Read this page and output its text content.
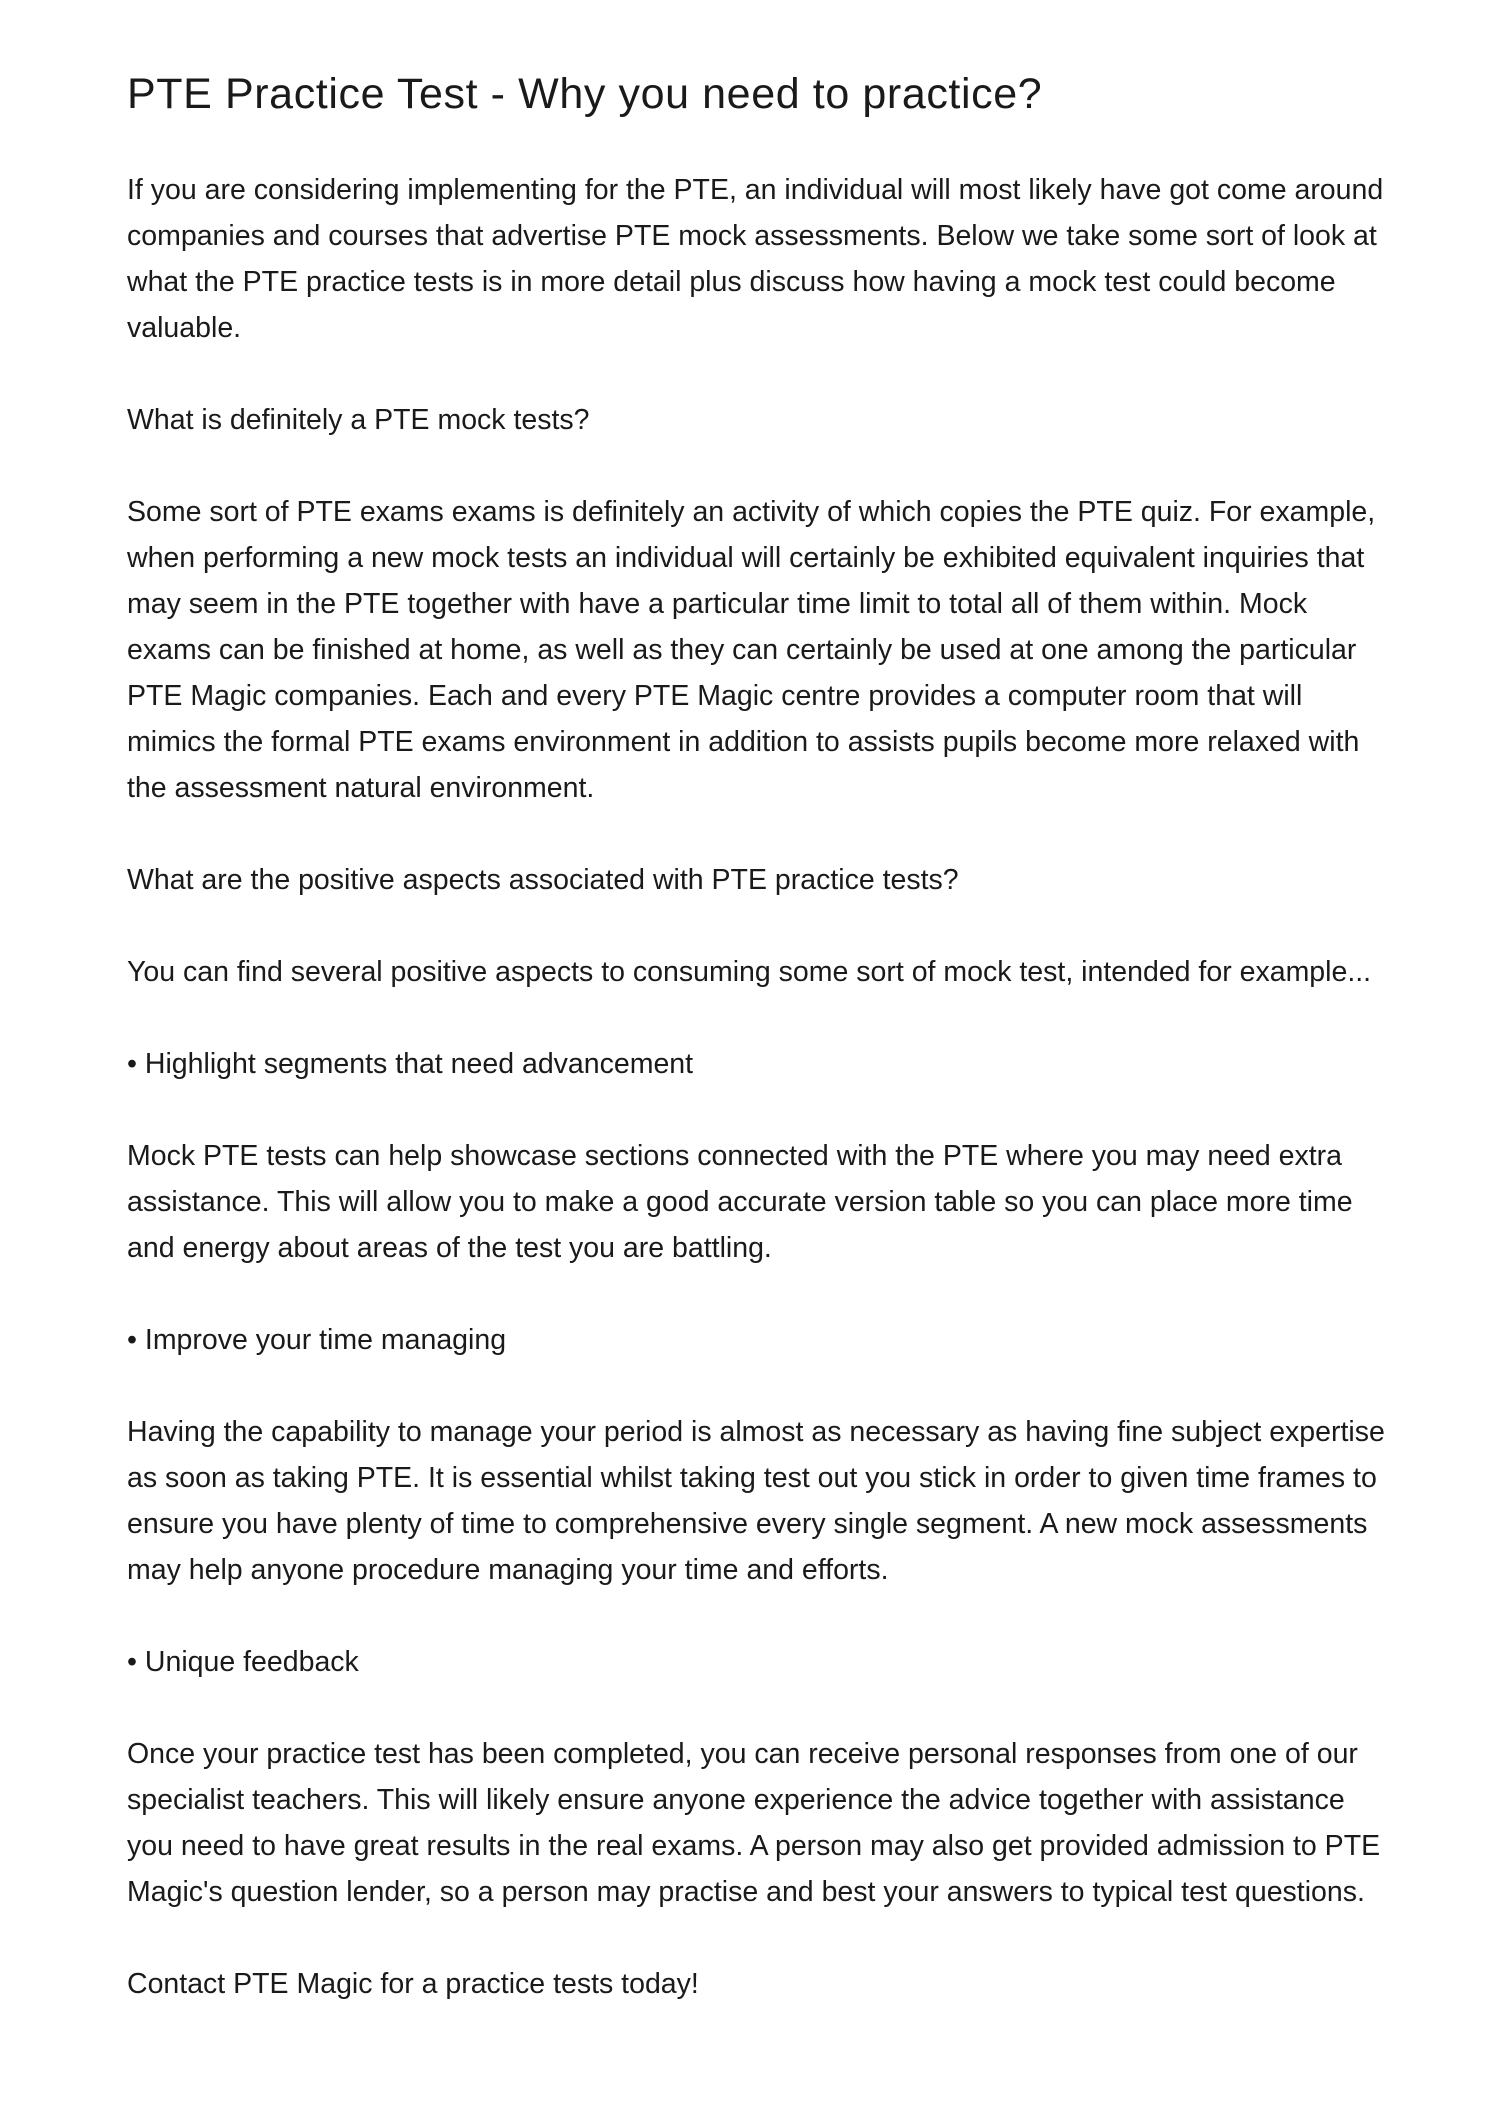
PTE Practice Test - Why you need to practice?

If you are considering implementing for the PTE, an individual will most likely have got come around companies and courses that advertise PTE mock assessments. Below we take some sort of look at what the PTE practice tests is in more detail plus discuss how having a mock test could become valuable.

What is definitely a PTE mock tests?

Some sort of PTE exams exams is definitely an activity of which copies the PTE quiz. For example, when performing a new mock tests an individual will certainly be exhibited equivalent inquiries that may seem in the PTE together with have a particular time limit to total all of them within. Mock exams can be finished at home, as well as they can certainly be used at one among the particular PTE Magic companies. Each and every PTE Magic centre provides a computer room that will mimics the formal PTE exams environment in addition to assists pupils become more relaxed with the assessment natural environment.

What are the positive aspects associated with PTE practice tests?

You can find several positive aspects to consuming some sort of mock test, intended for example...

• Highlight segments that need advancement

Mock PTE tests can help showcase sections connected with the PTE where you may need extra assistance. This will allow you to make a good accurate version table so you can place more time and energy about areas of the test you are battling.

• Improve your time managing

Having the capability to manage your period is almost as necessary as having fine subject expertise as soon as taking PTE. It is essential whilst taking test out you stick in order to given time frames to ensure you have plenty of time to comprehensive every single segment. A new mock assessments may help anyone procedure managing your time and efforts.

• Unique feedback

Once your practice test has been completed, you can receive personal responses from one of our specialist teachers. This will likely ensure anyone experience the advice together with assistance you need to have great results in the real exams. A person may also get provided admission to PTE Magic's question lender, so a person may practise and best your answers to typical test questions.

Contact PTE Magic for a practice tests today!
